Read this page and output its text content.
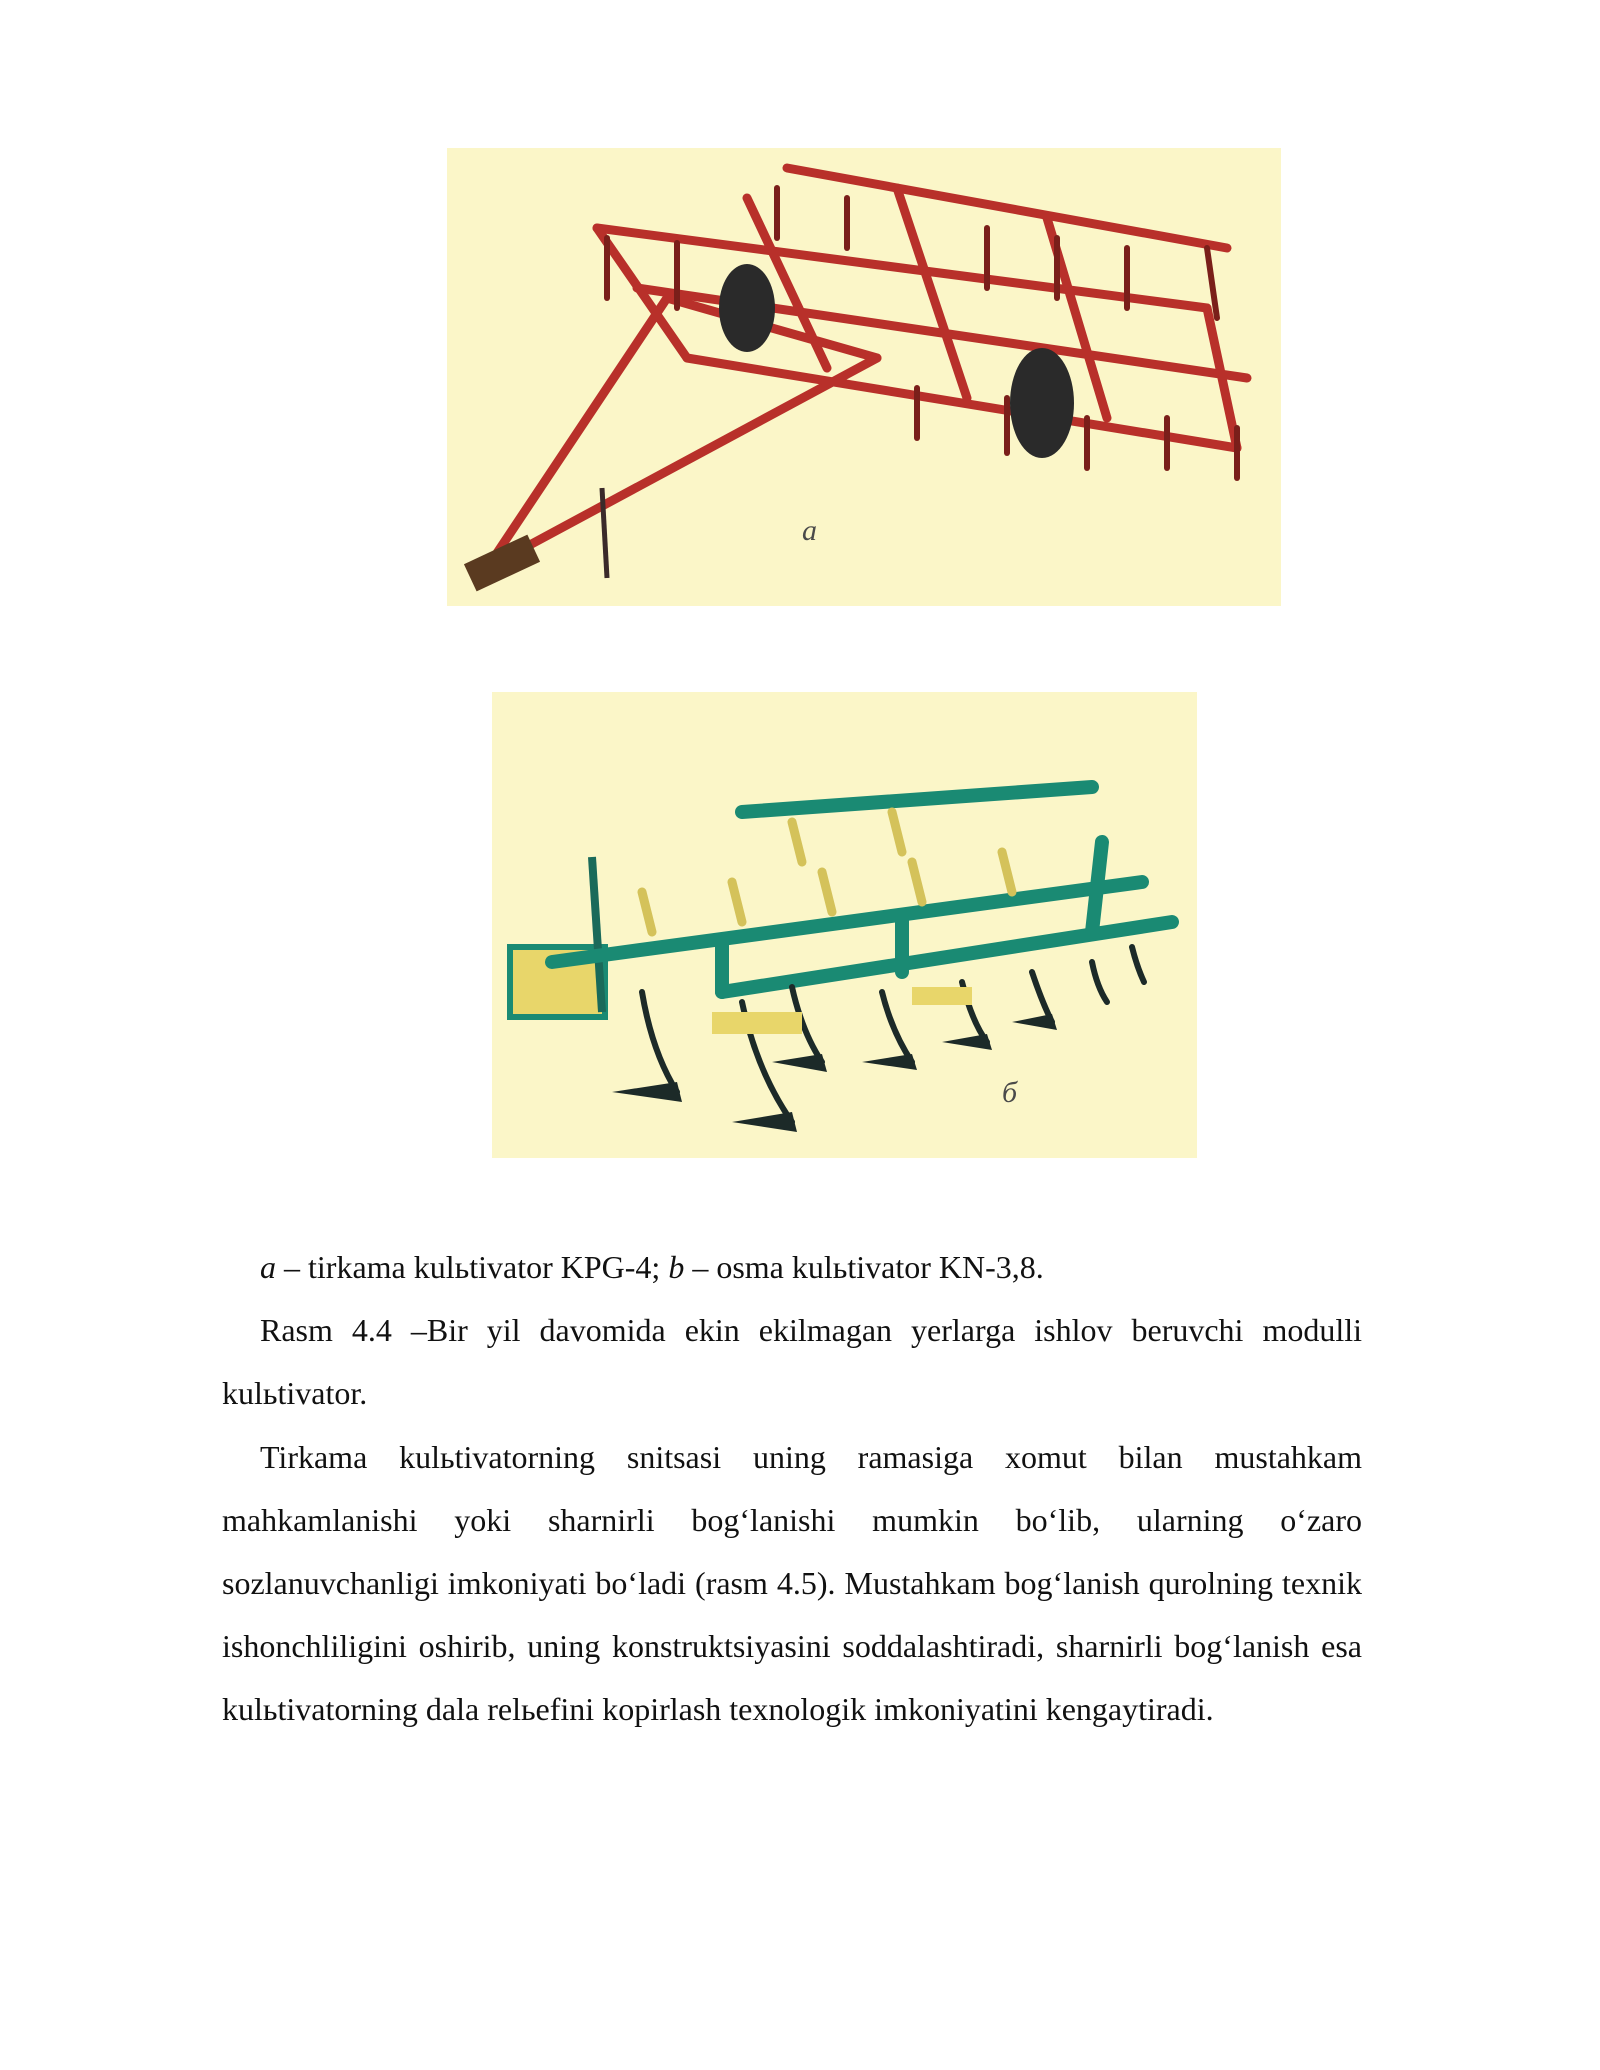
a
б

a – tirkama kulьtivator KPG-4; b – osma kulьtivator KN-3,8.

Rasm 4.4 –Bir yil davomida ekin ekilmagan yerlarga ishlov beruvchi modulli kulьtivator.

Tirkama kulьtivatorning snitsasi uning ramasiga xomut bilan mustahkam mahkamlanishi yoki sharnirli bog‘lanishi mumkin bo‘lib, ularning o‘zaro sozlanuvchanligi imkoniyati bo‘ladi (rasm 4.5). Mustahkam bog‘lanish qurolning texnik ishonchliligini oshirib, uning konstruktsiyasini soddalashtiradi, sharnirli bog‘lanish esa kulьtivatorning dala relьefini kopirlash texnologik imkoniyatini kengaytiradi.
